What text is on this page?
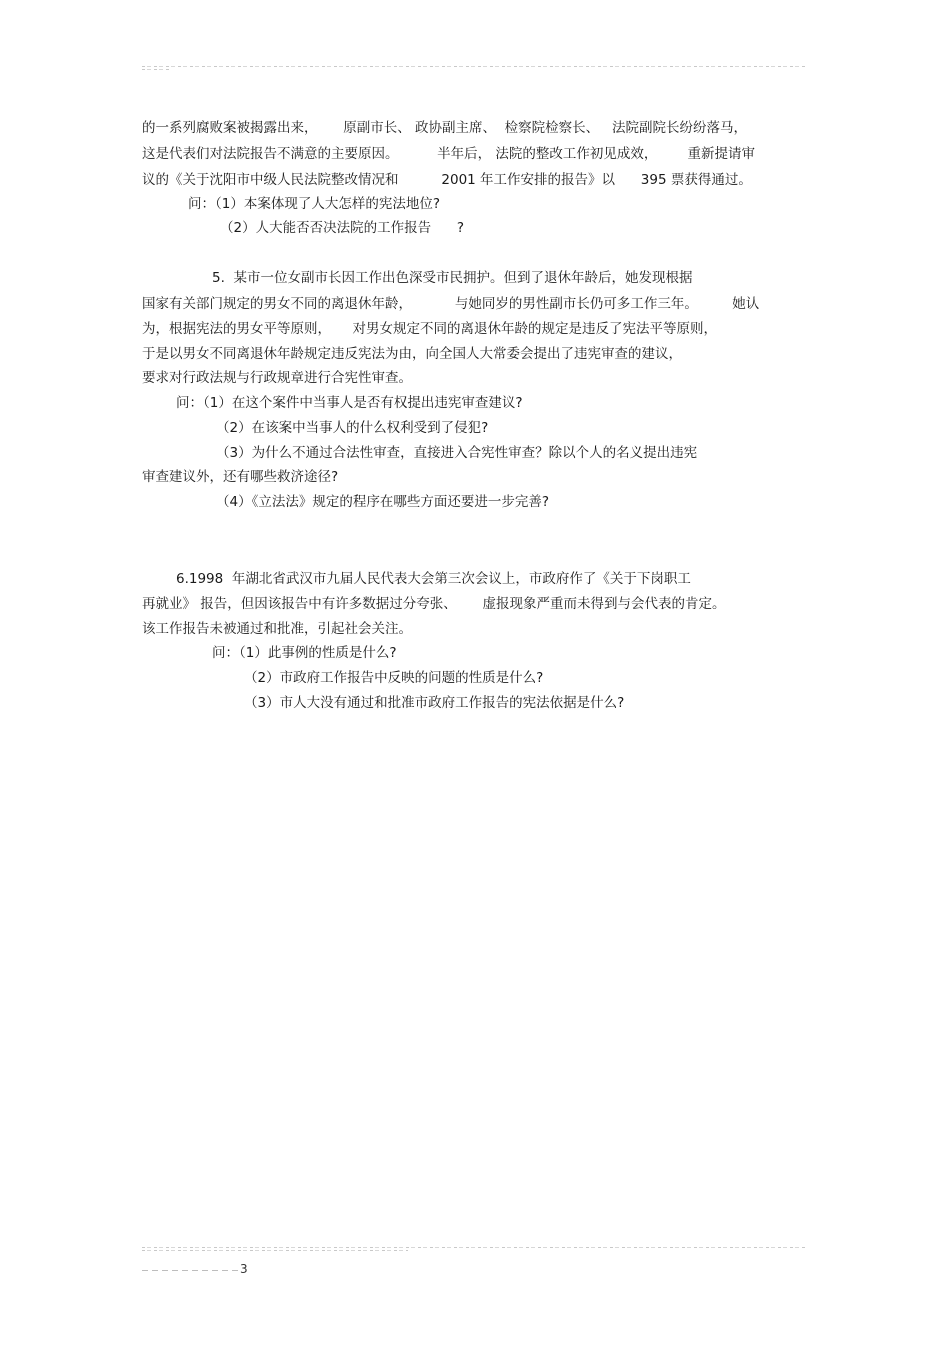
的一系列腐败案被揭露出来，      原副市长、 政协副主席、  检察院检察长、   法院副院长纷纷落马，
这是代表们对法院报告不满意的主要原因。         半年后， 法院的整改工作初见成效，       重新提请审
议的《关于沈阳市中级人民法院整改情况和          2001 年工作安排的报告》以      395 票获得通过。
问：（1）本案体现了人大怎样的宪法地位?
（2）人大能否否决法院的工作报告      ?
5.  某市一位女副市长因工作出色深受市民拥护。但到了退休年龄后，她发现根据
国家有关部门规定的男女不同的离退休年龄，          与她同岁的男性副市长仍可多工作三年。        她认
为，根据宪法的男女平等原则，     对男女规定不同的离退休年龄的规定是违反了宪法平等原则，
于是以男女不同离退休年龄规定违反宪法为由，向全国人大常委会提出了违宪审查的建议，
要求对行政法规与行政规章进行合宪性审查。
问：（1）在这个案件中当事人是否有权提出违宪审查建议?
（2）在该案中当事人的什么权利受到了侵犯?
（3）为什么不通过合法性审查，直接进入合宪性审查？除以个人的名义提出违宪
审查建议外，还有哪些救济途径?
（4）《立法法》规定的程序在哪些方面还要进一步完善?
6.1998  年湖北省武汉市九届人民代表大会第三次会议上，市政府作了《关于下岗职工
再就业》 报告，但因该报告中有许多数据过分夸张、      虚报现象严重而未得到与会代表的肯定。
该工作报告未被通过和批准，引起社会关注。
问：（1）此事例的性质是什么?
（2）市政府工作报告中反映的问题的性质是什么?
（3）市人大没有通过和批准市政府工作报告的宪法依据是什么?
3
